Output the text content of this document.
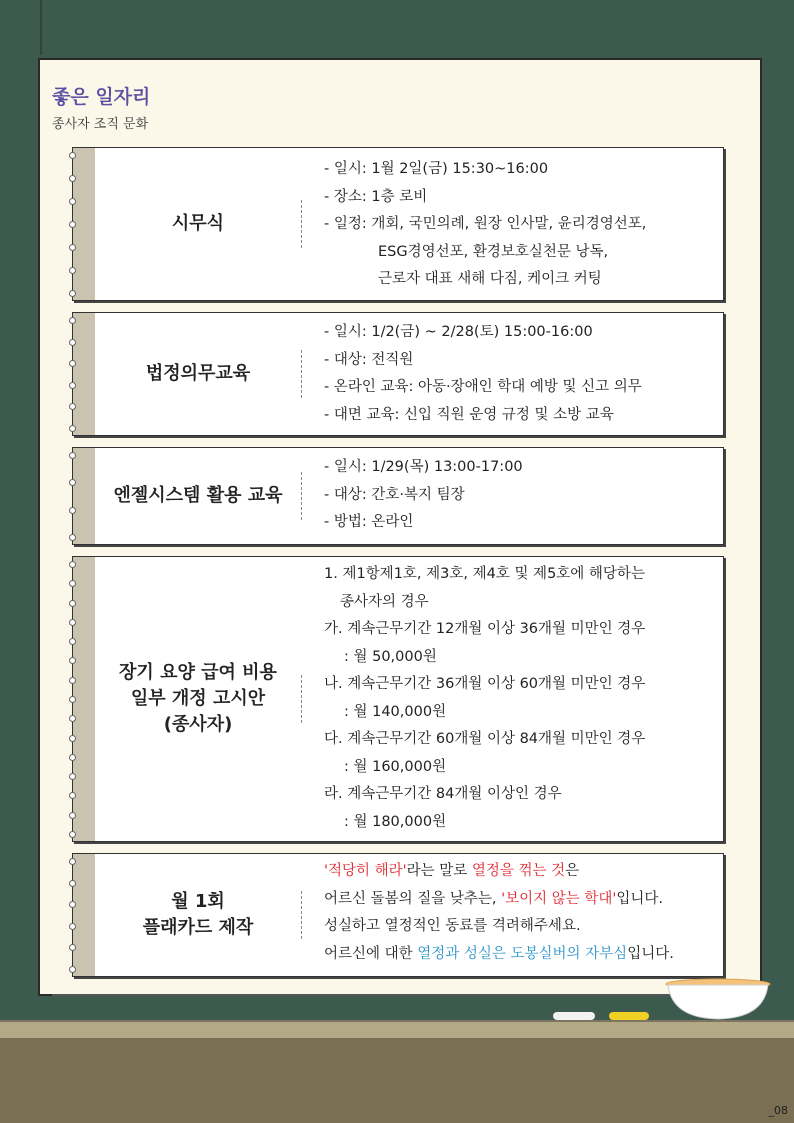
좋은 일자리
종사자 조직 문화
시무식
- 일시: 1월 2일(금) 15:30~16:00
- 장소: 1층 로비
- 일정: 개회, 국민의례, 원장 인사말, 윤리경영선포,
ESG경영선포, 환경보호실천문 낭독,
근로자 대표 새해 다짐, 케이크 커팅
법정의무교육
- 일시: 1/2(금) ~ 2/28(토) 15:00-16:00
- 대상: 전직원
- 온라인 교육: 아동·장애인 학대 예방 및 신고 의무
- 대면 교육: 신입 직원 운영 규정 및 소방 교육
엔젤시스템 활용 교육
- 일시: 1/29(목) 13:00-17:00
- 대상: 간호·복지 팀장
- 방법: 온라인
장기 요양 급여 비용
일부 개정 고시안
(종사자)
1. 제1항제1호, 제3호, 제4호 및 제5호에 해당하는
종사자의 경우
가. 계속근무기간 12개월 이상 36개월 미만인 경우
: 월 50,000원
나. 계속근무기간 36개월 이상 60개월 미만인 경우
: 월 140,000원
다. 계속근무기간 60개월 이상 84개월 미만인 경우
: 월 160,000원
라. 계속근무기간 84개월 이상인 경우
: 월 180,000원
월 1회
플래카드 제작
'적당히 해라'라는 말로 열정을 꺾는 것은
어르신 돌봄의 질을 낮추는, '보이지 않는 학대'입니다.
성실하고 열정적인 동료를 격려해주세요.
어르신에 대한 열정과 성실은 도봉실버의 자부심입니다.
_08
